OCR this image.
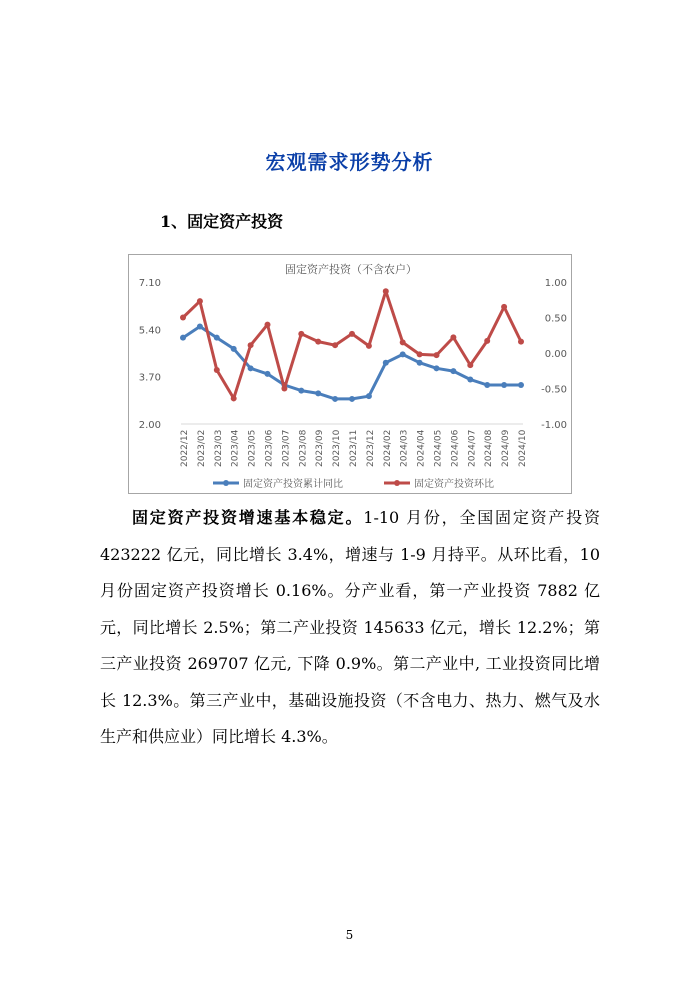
宏观需求形势分析
1、固定资产投资
固定资产投资（不含农户）
7.10
5.40
3.70
2.00
1.00
0.50
0.00
-0.50
-1.00
2022/12 2023/02 2023/03 2023/04 2023/05 2023/06 2023/07 2023/08 2023/09 2023/10 2023/11 2023/12 2024/02 2024/03 2024/04 2024/05 2024/06 2024/07 2024/08 2024/09 2024/10
固定资产投资累计同比	固定资产投资环比

固定资产投资增速基本稳定。1-10 月份，全国固定资产投资 423222 亿元，同比增长 3.4%，增速与 1-9 月持平。从环比看，10 月份固定资产投资增长 0.16%。分产业看，第一产业投资 7882 亿元，同比增长 2.5%；第二产业投资 145633 亿元，增长 12.2%；第三产业投资 269707 亿元, 下降 0.9%。第二产业中, 工业投资同比增长 12.3%。第三产业中，基础设施投资（不含电力、热力、燃气及水生产和供应业）同比增长 4.3%。

5
